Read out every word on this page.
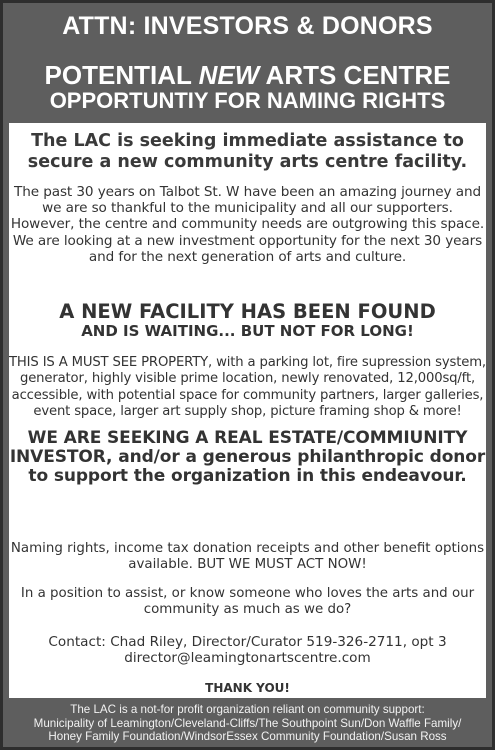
ATTN: INVESTORS & DONORS
POTENTIAL NEW ARTS CENTRE
OPPORTUNTIY FOR NAMING RIGHTS

The LAC is seeking immediate assistance to secure a new community arts centre facility.

The past 30 years on Talbot St. W have been an amazing journey and we are so thankful to the municipality and all our supporters. However, the centre and community needs are outgrowing this space. We are looking at a new investment opportunity for the next 30 years and for the next generation of arts and culture.

A NEW FACILITY HAS BEEN FOUND

AND IS WAITING... BUT NOT FOR LONG!

THIS IS A MUST SEE PROPERTY, with a parking lot, fire supression system, generator, highly visible prime location, newly renovated, 12,000sq/ft, accessible, with potential space for community partners, larger galleries, event space, larger art supply shop, picture framing shop & more!

WE ARE SEEKING A REAL ESTATE/COMMIUNITY INVESTOR, and/or a generous philanthropic donor to support the organization in this endeavour.

Naming rights, income tax donation receipts and other benefit options available. BUT WE MUST ACT NOW!

In a position to assist, or know someone who loves the arts and our community as much as we do?

Contact: Chad Riley, Director/Curator 519-326-2711, opt 3
director@leamingtonartscentre.com

THANK YOU!

The LAC is a not-for profit organization reliant on community support:
Municipality of Leamington/Cleveland-Cliffs/The Southpoint Sun/Don Waffle Family/
Honey Family Foundation/WindsorEssex Community Foundation/Susan Ross
